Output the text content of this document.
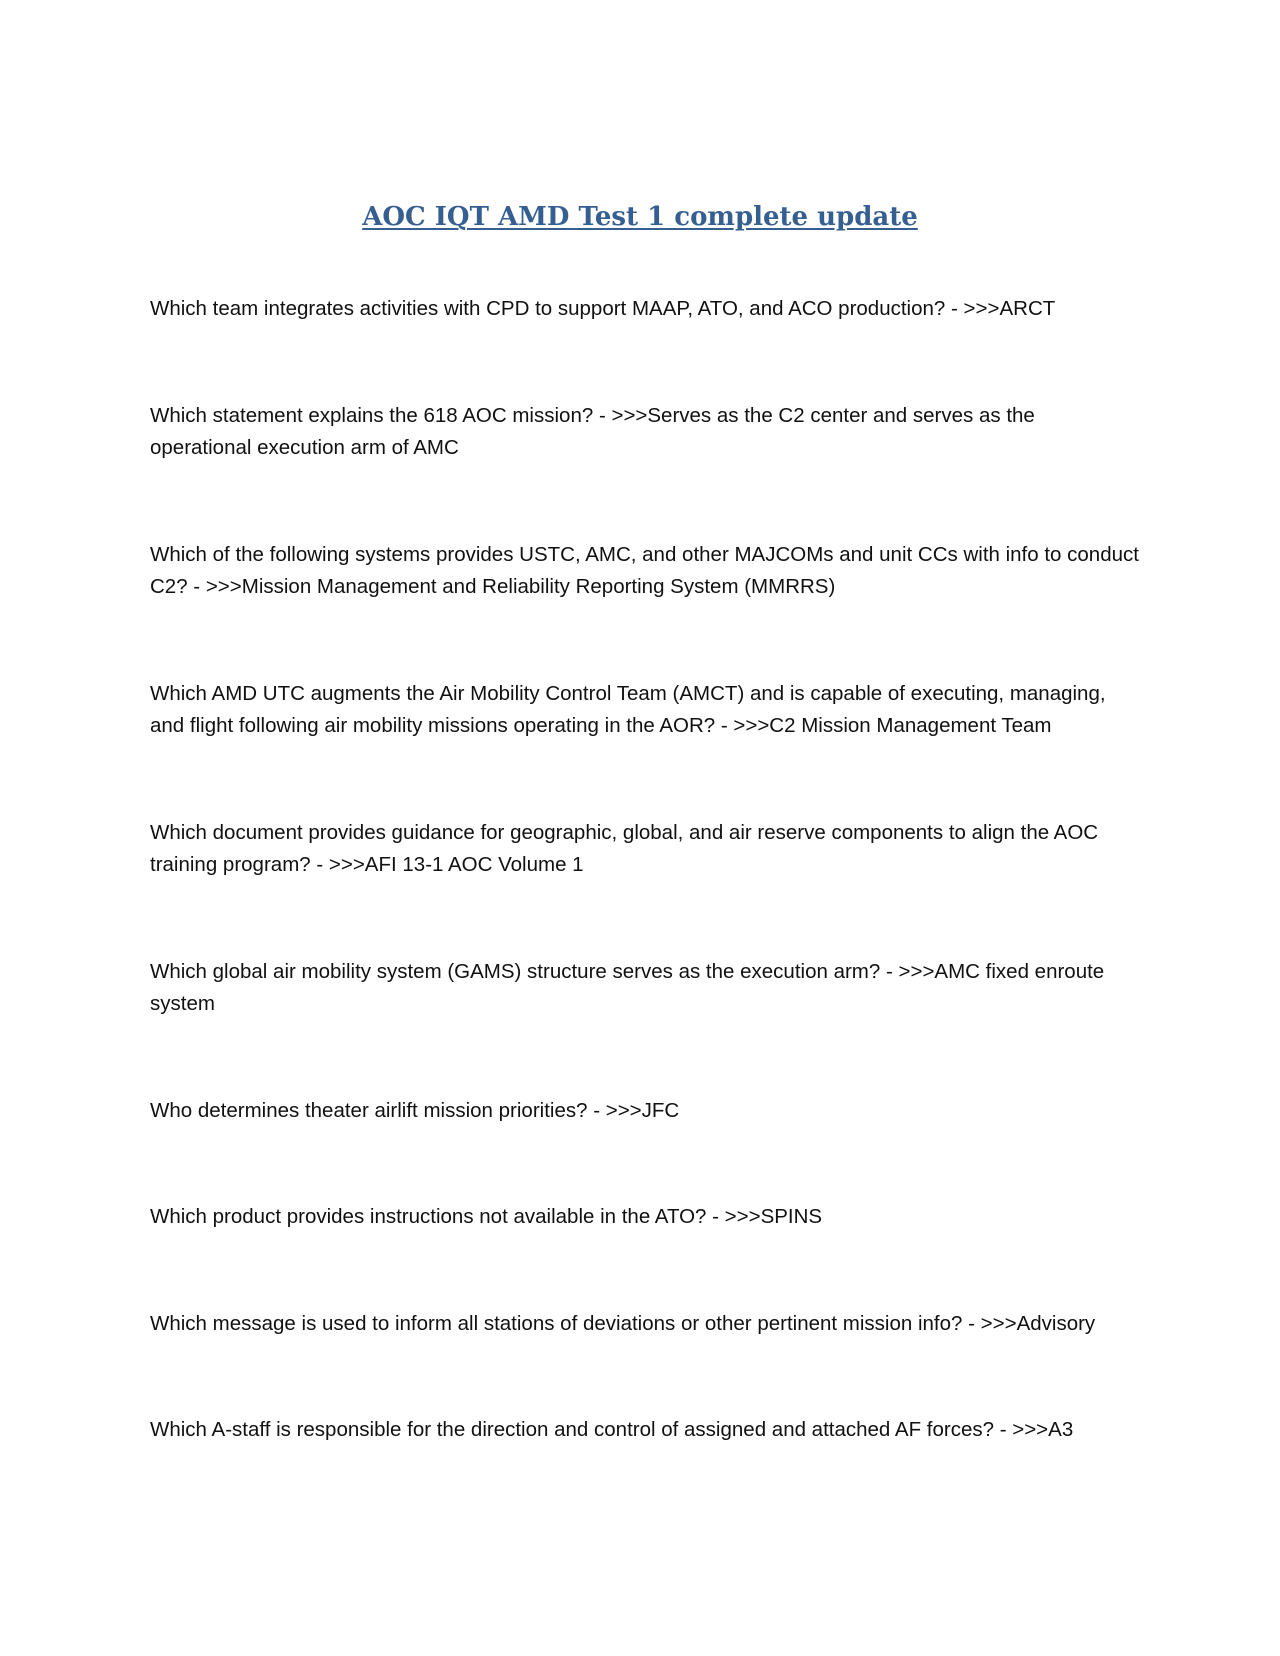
AOC IQT AMD Test 1 complete update
Which team integrates activities with CPD to support MAAP, ATO, and ACO production? - >>>ARCT
Which statement explains the 618 AOC mission? - >>>Serves as the C2 center and serves as the operational execution arm of AMC
Which of the following systems provides USTC, AMC, and other MAJCOMs and unit CCs with info to conduct C2? - >>>Mission Management and Reliability Reporting System (MMRRS)
Which AMD UTC augments the Air Mobility Control Team (AMCT) and is capable of executing, managing, and flight following air mobility missions operating in the AOR? - >>>C2 Mission Management Team
Which document provides guidance for geographic, global, and air reserve components to align the AOC training program? - >>>AFI 13-1 AOC Volume 1
Which global air mobility system (GAMS) structure serves as the execution arm? - >>>AMC fixed enroute system
Who determines theater airlift mission priorities? - >>>JFC
Which product provides instructions not available in the ATO? - >>>SPINS
Which message is used to inform all stations of deviations or other pertinent mission info? - >>>Advisory
Which A-staff is responsible for the direction and control of assigned and attached AF forces? - >>>A3
